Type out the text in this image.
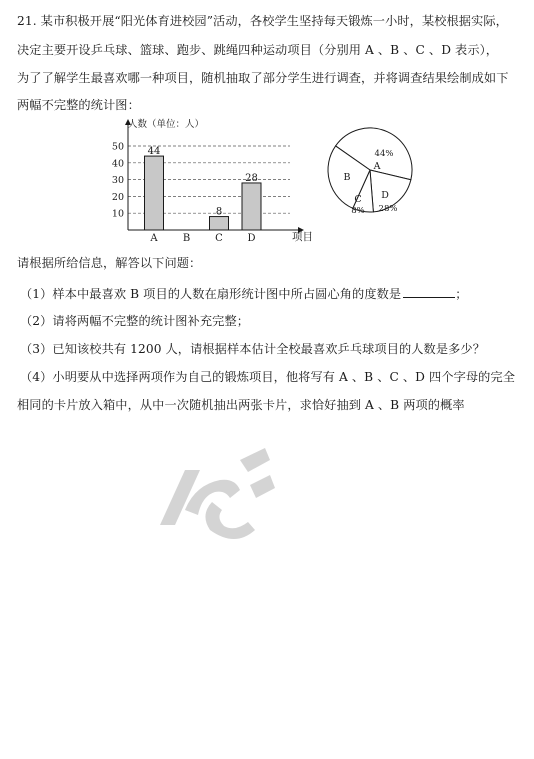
21. 某市积极开展“阳光体育进校园”活动，各校学生坚持每天锻炼一小时，某校根据实际，
决定主要开设乒乓球、篮球、跑步、跳绳四种运动项目（分别用 A 、B 、C 、D 表示），
为了了解学生最喜欢哪一种项目，随机抽取了部分学生进行调查，并将调查结果绘制成如下
两幅不完整的统计图：
10
20
30
40
50
人数（单位：人）
项目
44
A	B
8
C
28
D
A
44%
B
C
8%
D
28%
请根据所给信息，解答以下问题：
（1）样本中最喜欢 B 项目的人数在扇形统计图中所占圆心角的度数是	；
（2）请将两幅不完整的统计图补充完整；
（3）已知该校共有 1200 人，请根据样本估计全校最喜欢乒乓球项目的人数是多少？
（4）小明要从中选择两项作为自己的锻炼项目，他将写有 A 、B 、C 、D 四个字母的完全
相同的卡片放入箱中，从中一次随机抽出两张卡片，求恰好抽到 A 、B 两项的概率
